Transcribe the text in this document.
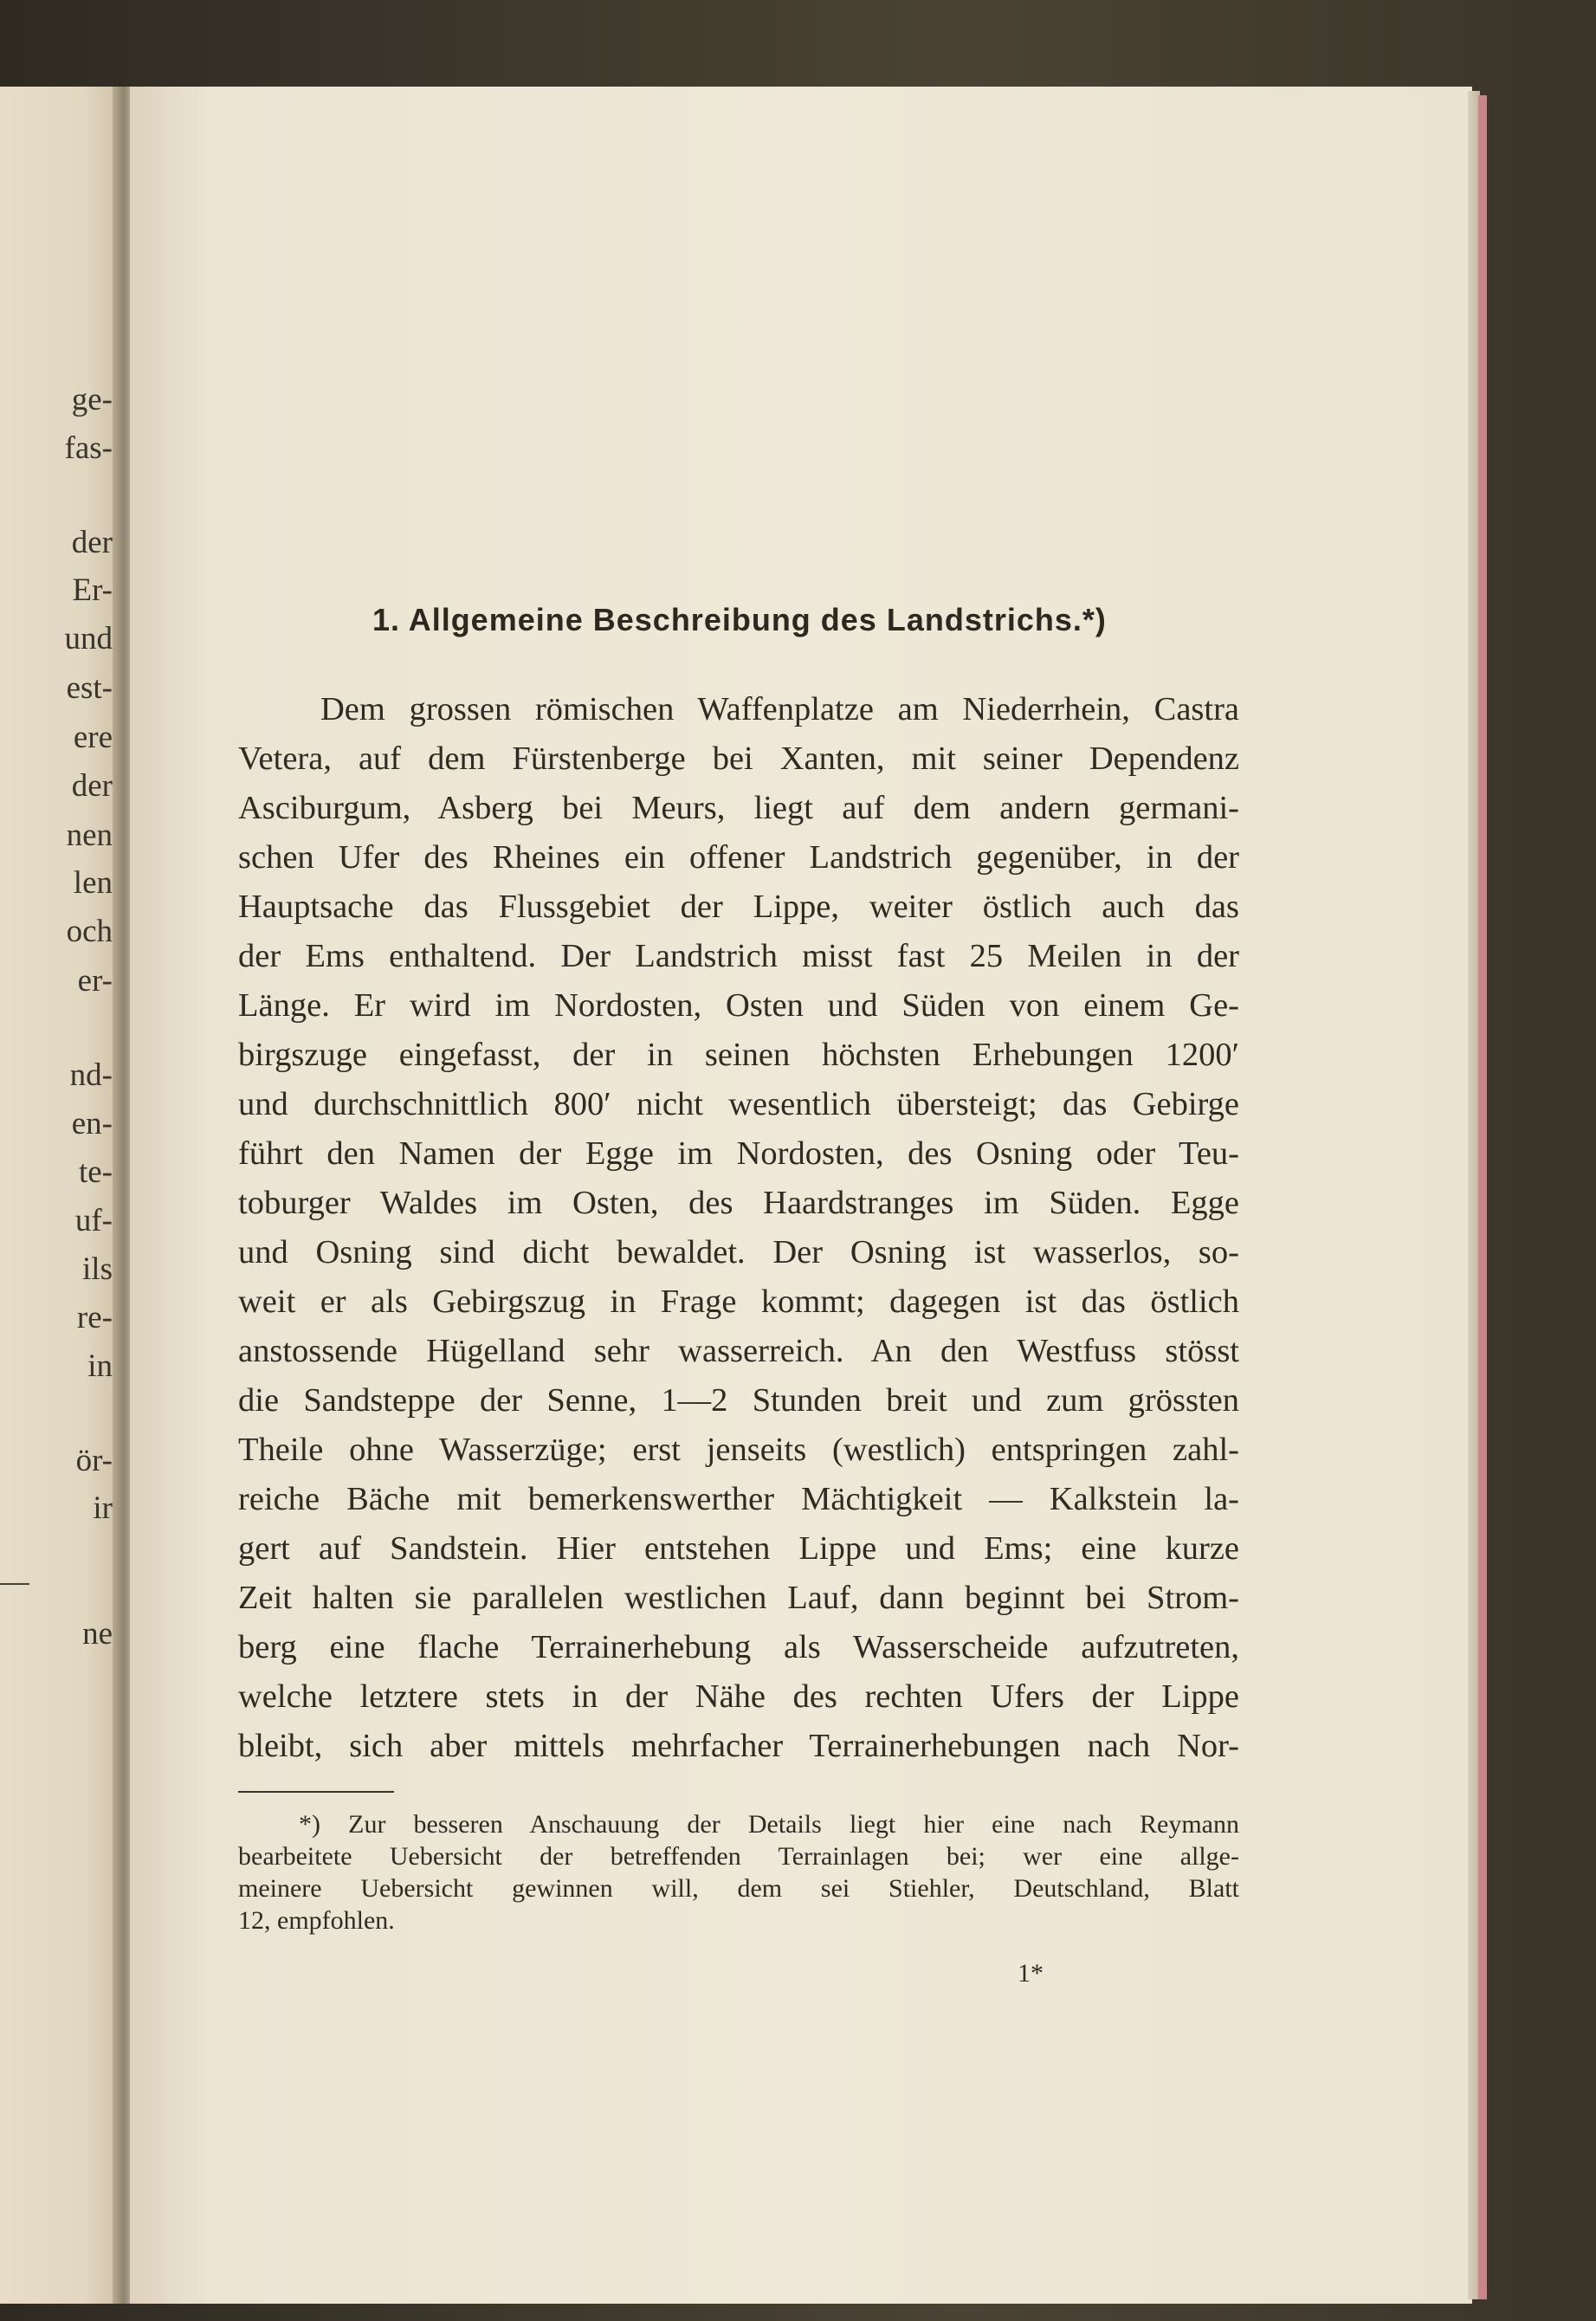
ge-
fas-
der
Er-
und
est-
ere
der
nen
len
och
er-
nd-
en-
te-
uf-
ils
re-
in
ör-
ir
ne
1. Allgemeine Beschreibung des Landstrichs.*)
Dem grossen römischen Waffenplatze am Niederrhein, Castra
Vetera, auf dem Fürstenberge bei Xanten, mit seiner Dependenz
Asciburgum, Asberg bei Meurs, liegt auf dem andern germani-
schen Ufer des Rheines ein offener Landstrich gegenüber, in der
Hauptsache das Flussgebiet der Lippe, weiter östlich auch das
der Ems enthaltend. Der Landstrich misst fast 25 Meilen in der
Länge. Er wird im Nordosten, Osten und Süden von einem Ge-
birgszuge eingefasst, der in seinen höchsten Erhebungen 1200′
und durchschnittlich 800′ nicht wesentlich übersteigt; das Gebirge
führt den Namen der Egge im Nordosten, des Osning oder Teu-
toburger Waldes im Osten, des Haardstranges im Süden. Egge
und Osning sind dicht bewaldet. Der Osning ist wasserlos, so-
weit er als Gebirgszug in Frage kommt; dagegen ist das östlich
anstossende Hügelland sehr wasserreich. An den Westfuss stösst
die Sandsteppe der Senne, 1—2 Stunden breit und zum grössten
Theile ohne Wasserzüge; erst jenseits (westlich) entspringen zahl-
reiche Bäche mit bemerkenswerther Mächtigkeit — Kalkstein la-
gert auf Sandstein. Hier entstehen Lippe und Ems; eine kurze
Zeit halten sie parallelen westlichen Lauf, dann beginnt bei Strom-
berg eine flache Terrainerhebung als Wasserscheide aufzutreten,
welche letztere stets in der Nähe des rechten Ufers der Lippe
bleibt, sich aber mittels mehrfacher Terrainerhebungen nach Nor-
*) Zur besseren Anschauung der Details liegt hier eine nach Reymann
bearbeitete Uebersicht der betreffenden Terrainlagen bei; wer eine allge-
meinere Uebersicht gewinnen will, dem sei Stiehler, Deutschland, Blatt
12, empfohlen.
1*
